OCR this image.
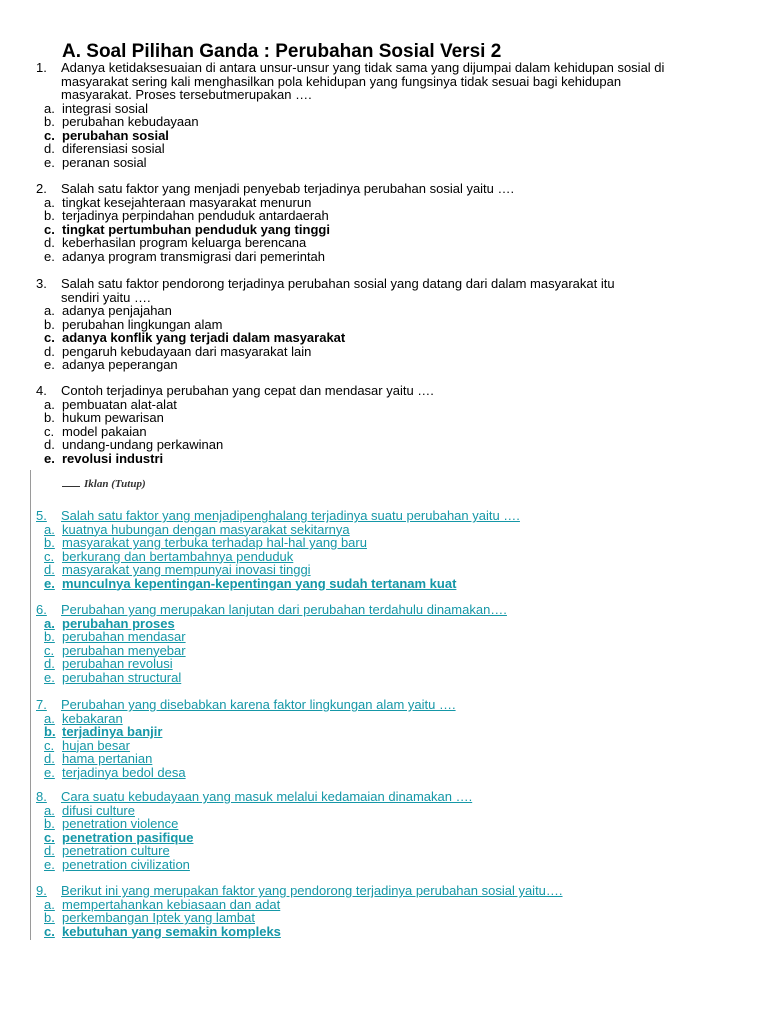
A. Soal Pilihan Ganda : Perubahan Sosial Versi 2
Iklan (Tutup)
1.	Adanya ketidaksesuaian di antara unsur-unsur yang tidak sama yang dijumpai dalam kehidupan sosial di
masyarakat sering kali menghasilkan pola kehidupan yang fungsinya tidak sesuai bagi kehidupan
masyarakat. Proses tersebutmerupakan ….
a. integrasi sosial
b. perubahan kebudayaan
c. perubahan sosial
d. diferensiasi sosial
e. peranan sosial
2.	Salah satu faktor yang menjadi penyebab terjadinya perubahan sosial yaitu ….
a. tingkat kesejahteraan masyarakat menurun
b. terjadinya perpindahan penduduk antardaerah
c. tingkat pertumbuhan penduduk yang tinggi
d. keberhasilan program keluarga berencana
e. adanya program transmigrasi dari pemerintah
3.	Salah satu faktor pendorong terjadinya perubahan sosial yang datang dari dalam masyarakat itu
sendiri yaitu ….
a. adanya penjajahan
b. perubahan lingkungan alam
c. adanya konflik yang terjadi dalam masyarakat
d. pengaruh kebudayaan dari masyarakat lain
e. adanya peperangan
4.	Contoh terjadinya perubahan yang cepat dan mendasar yaitu ….
a. pembuatan alat-alat
b. hukum pewarisan
c. model pakaian
d. undang-undang perkawinan
e. revolusi industri
5.	Salah satu faktor yang menjadipenghalang terjadinya suatu perubahan yaitu ….
a. kuatnya hubungan dengan masyarakat sekitarnya
b. masyarakat yang terbuka terhadap hal-hal yang baru
c. berkurang dan bertambahnya penduduk
d. masyarakat yang mempunyai inovasi tinggi
e. munculnya kepentingan-kepentingan yang sudah tertanam kuat
6.	Perubahan yang merupakan lanjutan dari perubahan terdahulu dinamakan….
a. perubahan proses
b. perubahan mendasar
c. perubahan menyebar
d. perubahan revolusi
e. perubahan structural
7.	Perubahan yang disebabkan karena faktor lingkungan alam yaitu ….
a. kebakaran
b. terjadinya banjir
c. hujan besar
d. hama pertanian
e. terjadinya bedol desa
8.	Cara suatu kebudayaan yang masuk melalui kedamaian dinamakan ….
a. difusi culture
b. penetration violence
c. penetration pasifique
d. penetration culture
e. penetration civilization
9.	Berikut ini yang merupakan faktor yang pendorong terjadinya perubahan sosial yaitu….
a. mempertahankan kebiasaan dan adat
b. perkembangan Iptek yang lambat
c. kebutuhan yang semakin kompleks
